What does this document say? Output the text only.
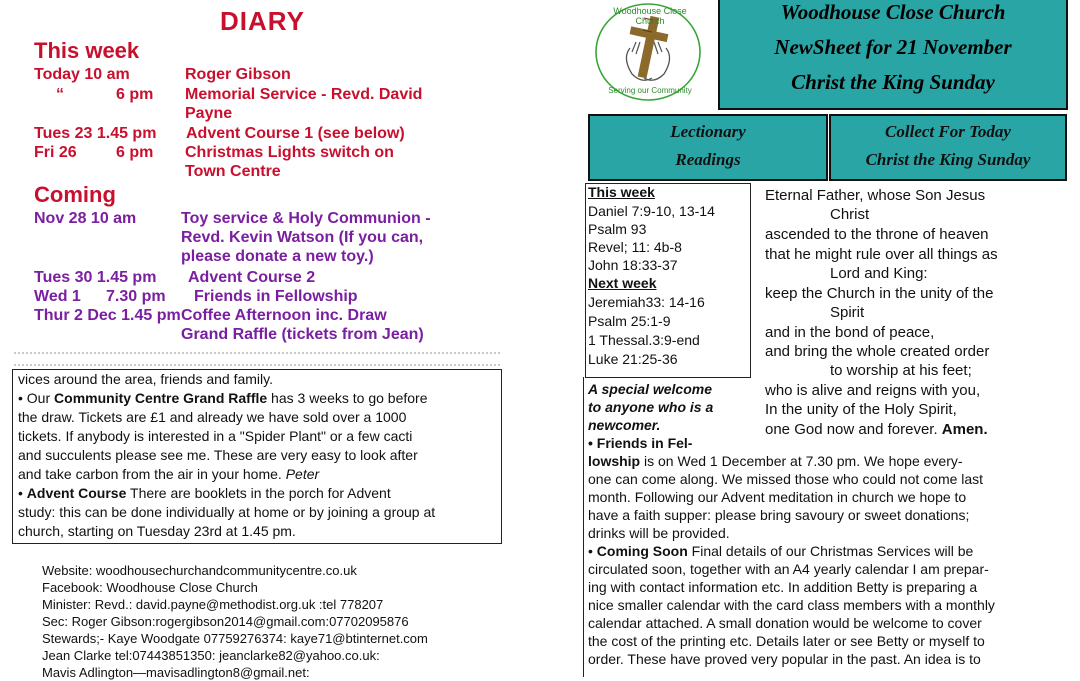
DIARY
This week
Today 10 am	Roger Gibson
“	6 pm Memorial Service - Revd. David
Payne
Tues 23 1.45 pm Advent Course 1 (see below)
Fri 26 6 pm Christmas Lights switch on
Town Centre
Coming
Nov 28 10 am	Toy service & Holy Communion -
Revd. Kevin Watson (If you can,
please donate a new toy.)
Tues 30 1.45 pm Advent Course 2
Wed 1 7.30 pm Friends in Fellowship
Thur 2 Dec 1.45 pm Coffee Afternoon inc. Draw
Grand Raffle (tickets from Jean)
vices around the area, friends and family.
• Our Community Centre Grand Raffle has 3 weeks to go before
the draw. Tickets are £1 and already we have sold over a 1000
tickets. If anybody is interested in a "Spider Plant" or a few cacti
and succulents please see me. These are very easy to look after
and take carbon from the air in your home. Peter
• Advent Course There are booklets in the porch for Advent
study: this can be done individually at home or by joining a group at
church, starting on Tuesday 23rd at 1.45 pm.
Website: woodhousechurchandcommunitycentre.co.uk
Facebook: Woodhouse Close Church
Minister: Revd.: david.payne@methodist.org.uk :tel 778207
Sec: Roger Gibson:rogergibson2014@gmail.com:07702095876
Stewards;- Kaye Woodgate 07759276374: kaye71@btinternet.com
Jean Clarke tel:07443851350: jeanclarke82@yahoo.co.uk:
Mavis Adlington—mavisadlington8@gmail.net:
Woodhouse Close Church
Serving our Community
Woodhouse Close Church
NewSheet for 21 November
Christ the King Sunday
Lectionary
Readings
Collect For Today
Christ the King Sunday
This week
Daniel 7:9-10, 13-14
Psalm 93
Revel; 11: 4b-8
John 18:33-37
Next week
Jeremiah33: 14-16
Psalm 25:1-9
1 Thessal.3:9-end
Luke 21:25-36
Eternal Father, whose Son Jesus
Christ
ascended to the throne of heaven
that he might rule over all things as
Lord and King:
keep the Church in the unity of the
Spirit
and in the bond of peace,
and bring the whole created order
to worship at his feet;
who is alive and reigns with you,
In the unity of the Holy Spirit,
one God now and forever. Amen.
A special welcome
to anyone who is a
newcomer.
• Friends in Fel-
lowship is on Wed 1 December at 7.30 pm. We hope every-
one can come along. We missed those who could not come last
month. Following our Advent meditation in church we hope to
have a faith supper: please bring savoury or sweet donations;
drinks will be provided.
• Coming Soon Final details of our Christmas Services will be
circulated soon, together with an A4 yearly calendar I am prepar-
ing with contact information etc. In addition Betty is preparing a
nice smaller calendar with the card class members with a monthly
calendar attached. A small donation would be welcome to cover
the cost of the printing etc. Details later or see Betty or myself to
order. These have proved very popular in the past. An idea is to
